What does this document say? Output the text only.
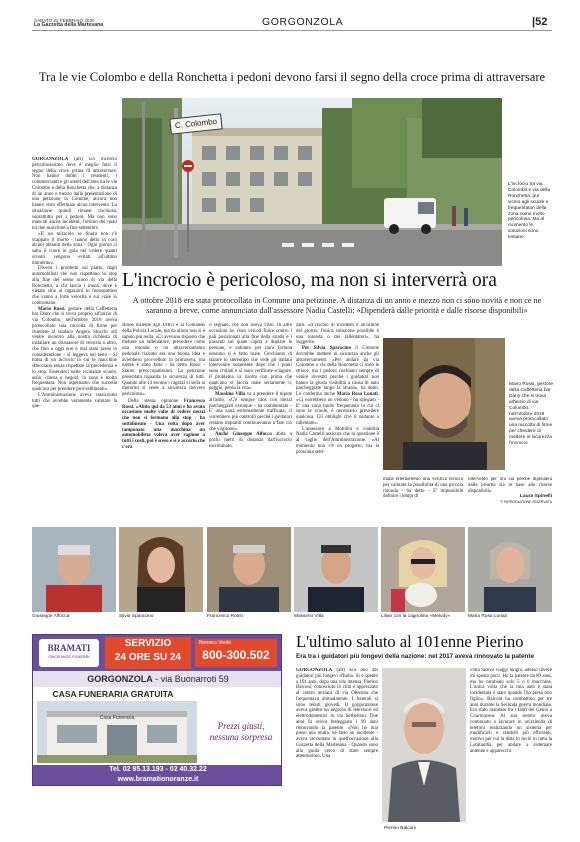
SABATO 22 FEBBRAIO 2020
La Gazzetta della Martesana	GORGONZOLA	|52
Tra le vie Colombo e della Ronchetta i pedoni devono farsi il segno della croce prima di attraversare

GORGONZOLA (afl) Un incrocio pericolosissimo dove è meglio farsi il segno della croce prima di attraversare. Non hanno dubbi i residenti, i commercianti e gli utenti dell'area tra le vie Colombo e della Ronchetta che, a distanza di un anno e mezzo dalla presentazione di una petizione in Comune, ancora non hanno visto effettuare alcun intervento. La situazione quindi rimane rischiosa, soprattutto per i pedoni. Ma non sono mancati anche incidenti, l'ultimo dei quali tra due macchine a fine settembre.

«E' un miracolo se finora non c'è scappato il morto - hanno detto in coro alcuni abitanti della zona - Ogni giorno ci salta il cuore in gola nel vedere quanti scontri vengono evitati all'ultimo momento».

Diversi i problemi sul piatto, dagli automobilisti che non rispettano lo stop alla fine del senso unico di via della Ronchetta, a chi lascia i mezzi dove è vietato sino ai ragazzini in monopattino che vanno a forte velocità e sul viale in contromano.

Mario Rossi, gestore della Caffetteria bar Dany che si trova proprio all'inizio di via Colombo, nell'ottobre 2018 aveva protocollato una raccolta di firme per chiedere al sindaco Angelo Stucchi «di venire incontro alla nostra richiesta di installare un dissuasore di velocità o altro, che fino a oggi non è mai stato preso in considerazione - si leggeva nel testo - Si tratta di un incrocio in cui le macchine sfrecciano senza rispettare la precedenza e lo stop. Essendoci nelle vicinanze scuole, asilo, chiesa e negozi, la zona è molto frequentata. Non aspettiamo che succeda qualcosa per prendere provvedimenti».

L'Amministrazione aveva rassicurato tutti che avrebbe veramente valutato la que-

C. Colombo
L'incrocio tra via Colombo e via della Ronchetta, pur vicino agli scuole e frequentatori della zona come molto pericolosa. Ma al momento le soluzioni sono lontane
L'incrocio è pericoloso, ma non si interverrà ora
A ottobre 2018 era stata protocollata in Comune una petizione. A distanza di un anno e mezzo non ci sono novità e non ce ne saranno a breve, come annunciato dall'assessore Nadia Castelli: «Dipenderà dalle priorità e dalle risorse disponibili»

stione insieme agli Uffici e al Comando della Polizia Locale, ma da allora non si è saputo più nulla. «Ci avevano risposto che mettere un rallentatore, prevedere come una rotonda o un attraversamento pedonale rialzato era una buona idea e avrebbero provveduto in primavera, ma niente è stato fatto - ha detto Rossi - Siamo preoccupatissimi. La petizione presentata riguarda la sicurezza di tutti. Quando alle 14 escono i ragazzi si sella ai motorini si sente a sicurezza davvero pericoloso».

Della stessa opinione Francesco Rossi. «Abito qui da 53 anni e ho avuto occasione molte volte di vedere mezzi che non si fermano allo stop - ha sottolineato - Una volta dopo aver tamponato una macchina un automobilista voleva aver ragione a tutti i costi, poi è sceso e si è accorto che c'era

il segnale, che non aveva visto. In altre occasioni ho visto veicoli finire contro i pali posizionati alla fine della strada e i passanti sul quale capita a duplare le persone, e soltanto per pura fortuna nessuno si è fatto male. Cerchiamo di slalare lo stereotipo che vede gli italiani intervenire solamente dopo che i punti sono crollati e si sono verificate sciagure. Il problema va risolto con prima che qualcuno si faccia male seriamente o, peggio, perda la vita».

Massimo Villa va a prendere il nipote all'asilo. «C'è sempre caos con mezzi parcheggiati ovunque - ha commentato - E' una zona estremamente trafficata, ci vorrebbero più controlli perché i guidatori restano impuniti continueranno a fare ciò che vogliono».

Anche Giuseppe Alfocca abita a pochi metri di distanza dall'incrocio incriminato.

zato. «Il rischio di incidenti è all'ordine del giorno, l'unica soluzione possibile è una rotonda o dei rallentatori», ha suggerito.

Per Silvia Sparacino il Comune dovrebbe mettere in sicurezza anche gli attraversamenti. «Per andare da via Colombo a via della Ronchetta ci sono le strisce, ma i pedoni rischiano sempre di venire investiti perché i guidatori non hanno la giusta visibilità a causa di auto parcheggiate lungo la strada», ha detto. Lo conferma anche Maria Rosa Lonati. «Ci vorrebbero un vedono - ha spiegato - E' una zona molto frequentata in cui ci sono le scuole, è necessario prevedere qualcosa. Gli obblighi ch'è il soltanto a rallentare».

L'assessore a Mobilità e viabilità Nadia Castelli assicura che la questione è al vaglio dell'Amministrazione. «Al momento non c'è un progetto, ma la prossima setti-

Mario Rossi, gestore della Caffetteria bar Dany che si trova all'inizio di via Colombo, nell'ottobre 2018 aveva protocollato una raccolta di firme per chiedere di mettere in sicurezza l'incrocio

mana effettueremo una verifica tecnica per valutare la possibilità di una piccola rotonda - ha detto - E' impossibile definire i tempi di

intervento per ora sia perché dipenderà dalle priorità sia in base alle risorse disponibili».

Laura Spinelli

© RIPRODUZIONE RISERVATA

Giuseppe Alfocca	Silvia Sparacino	Francesco Rossi	Massimo Villa	Lilian con la cagnolina «Melody»	Maria Rosa Lonati
BRAMATI
ONORANZE FUNEBRI
SERVIZIO
24 ORE SU 24
Numero Verde
800-300.502
GORGONZOLA - via Buonarroti 59
CASA FUNERARIA GRATUITA
Casa Funeraria
Prezzi giusti,
nessuna sorpresa
Tel. 02 95.13.193 - 02 40.32.22
www.bramationoranze.it
L'ultimo saluto al 101enne Pierino
Era tra i guidatori più longevi della nazione: nel 2017 aveva rinnovato la patente

GORGONZOLA (afl) Era uno dei guidatori più longevi d'Italia. Si è spento a 101 anni, dopo una vita intensa, Pierino Balconi, conosciuto in città e apprezzato al centro anziani di via Oberdan che frequentava abitualmente. I funerali si sono tenuti giovedì. Il gorgonzolese aveva gestito un negozio di televisori ed elettrodomestici in via Serbelloni. Due anni fa aveva festeggiato i 99 anni rinnovando la patente. «Non ho mai preso una multa, né fatto un incidente - aveva raccontato in quell'occasione alla Gazzetta della Martesana - Quando sono alla guida cerco di stare sempre attentissimo. Una

Pierino Balconi

volta facevo viaggi lunghi, adesso invece mi sposto poco. Ho la patente da 80 anni, ma ho cambiato solo 5 o 6 macchine. L'unica volta che la mia auto è stata incidentata è stato quando l'ho presa mio figlio». Balconi ha combattuto per tre anni durante la Seconda guerra mondiale. Era stato mandato tra i fanti del Genio a Courmayeur. Al suo rientro aveva continuato a lavorare in un'azienda di telefoni realizzando un sistema per modificarli e renderli più efficienti, motivo per cui la ditta lo inviò in tutta la Lombardia per andare a sistemare antenne e apparecchi.
